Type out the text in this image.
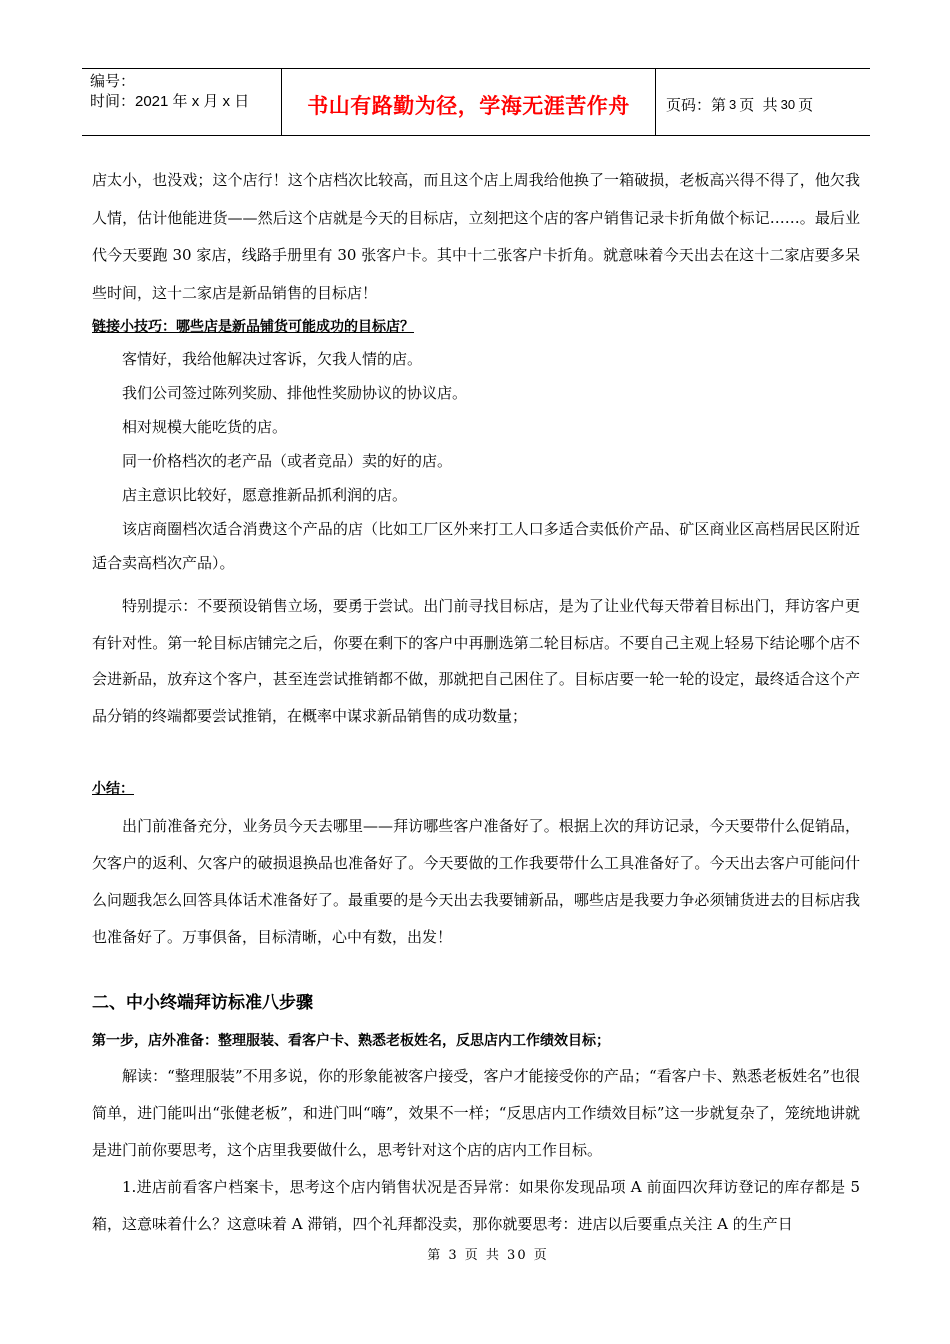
编号：
时间：2021 年 x 月 x 日	书山有路勤为径，学海无涯苦作舟 页码：第 3 页  共 30 页

店太小，也没戏；这个店行！这个店档次比较高，而且这个店上周我给他换了一箱破损，老板高兴得不得了，他欠我人情，估计他能进货——然后这个店就是今天的目标店，立刻把这个店的客户销售记录卡折角做个标记……。最后业代今天要跑 30 家店，线路手册里有 30 张客户卡。其中十二张客户卡折角。就意味着今天出去在这十二家店要多呆些时间，这十二家店是新品销售的目标店！

链接小技巧：哪些店是新品铺货可能成功的目标店？

客情好，我给他解决过客诉，欠我人情的店。

我们公司签过陈列奖励、排他性奖励协议的协议店。

相对规模大能吃货的店。

同一价格档次的老产品（或者竞品）卖的好的店。

店主意识比较好，愿意推新品抓利润的店。

该店商圈档次适合消费这个产品的店（比如工厂区外来打工人口多适合卖低价产品、矿区商业区高档居民区附近适合卖高档次产品）。

特别提示：不要预设销售立场，要勇于尝试。出门前寻找目标店，是为了让业代每天带着目标出门，拜访客户更有针对性。第一轮目标店铺完之后，你要在剩下的客户中再删选第二轮目标店。不要自己主观上轻易下结论哪个店不会进新品，放弃这个客户，甚至连尝试推销都不做，那就把自己困住了。目标店要一轮一轮的设定，最终适合这个产品分销的终端都要尝试推销，在概率中谋求新品销售的成功数量；

小结：

出门前准备充分，业务员今天去哪里——拜访哪些客户准备好了。根据上次的拜访记录，今天要带什么促销品，欠客户的返利、欠客户的破损退换品也准备好了。今天要做的工作我要带什么工具准备好了。今天出去客户可能问什么问题我怎么回答具体话术准备好了。最重要的是今天出去我要铺新品，哪些店是我要力争必须铺货进去的目标店我也准备好了。万事俱备，目标清晰，心中有数，出发！

二、中小终端拜访标准八步骤

第一步，店外准备：整理服装、看客户卡、熟悉老板姓名，反思店内工作绩效目标；

解读：“整理服装”不用多说，你的形象能被客户接受，客户才能接受你的产品；“看客户卡、熟悉老板姓名”也很简单，进门能叫出“张健老板”，和进门叫“嗨”，效果不一样；“反思店内工作绩效目标”这一步就复杂了，笼统地讲就是进门前你要思考，这个店里我要做什么，思考针对这个店的店内工作目标。

1.进店前看客户档案卡，思考这个店内销售状况是否异常：如果你发现品项 A 前面四次拜访登记的库存都是 5 箱，这意味着什么？这意味着 A 滞销，四个礼拜都没卖，那你就要思考：进店以后要重点关注 A 的生产日

第 3 页 共 30 页
